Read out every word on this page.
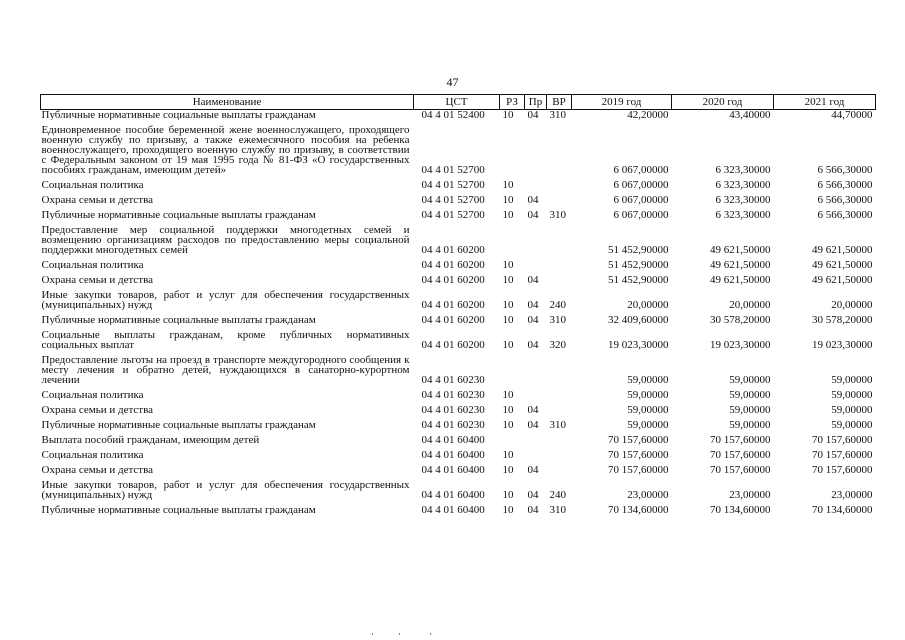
47
Наименование	ЦСТ	РЗ	Пр	ВР	2019 год	2020 год	2021 год
Публичные нормативные социальные выплаты гражданам	04 4 01 52400	10	04	310	42,20000	43,40000	44,70000
Единовременное пособие беременной жене военнослужащего, проходящего военную службу по призыву, а также ежемесячного пособия на ребенка военнослужащего, проходящего военную службу по призыву, в соответствии с Федеральным законом от 19 мая 1995 года № 81-ФЗ «О государственных пособиях гражданам, имеющим детей»	04 4 01 52700				6 067,00000	6 323,30000	6 566,30000
Социальная политика	04 4 01 52700	10			6 067,00000	6 323,30000	6 566,30000
Охрана семьи и детства	04 4 01 52700	10	04		6 067,00000	6 323,30000	6 566,30000
Публичные нормативные социальные выплаты гражданам	04 4 01 52700	10	04	310	6 067,00000	6 323,30000	6 566,30000
Предоставление мер социальной поддержки многодетных семей и возмещению организациям расходов по предоставлению меры социальной поддержки многодетных семей	04 4 01 60200				51 452,90000	49 621,50000	49 621,50000
Социальная политика	04 4 01 60200	10			51 452,90000	49 621,50000	49 621,50000
Охрана семьи и детства	04 4 01 60200	10	04		51 452,90000	49 621,50000	49 621,50000
Иные закупки товаров, работ и услуг для обеспечения государственных (муниципальных) нужд	04 4 01 60200	10	04	240	20,00000	20,00000	20,00000
Публичные нормативные социальные выплаты гражданам	04 4 01 60200	10	04	310	32 409,60000	30 578,20000	30 578,20000
Социальные выплаты гражданам, кроме публичных нормативных социальных выплат	04 4 01 60200	10	04	320	19 023,30000	19 023,30000	19 023,30000
Предоставление льготы на проезд в транспорте междугородного сообщения к месту лечения и обратно детей, нуждающихся в санаторно-курортном лечении	04 4 01 60230				59,00000	59,00000	59,00000
Социальная политика	04 4 01 60230	10			59,00000	59,00000	59,00000
Охрана семьи и детства	04 4 01 60230	10	04		59,00000	59,00000	59,00000
Публичные нормативные социальные выплаты гражданам	04 4 01 60230	10	04	310	59,00000	59,00000	59,00000
Выплата пособий гражданам, имеющим детей	04 4 01 60400				70 157,60000	70 157,60000	70 157,60000
Социальная политика	04 4 01 60400	10			70 157,60000	70 157,60000	70 157,60000
Охрана семьи и детства	04 4 01 60400	10	04		70 157,60000	70 157,60000	70 157,60000
Иные закупки товаров, работ и услуг для обеспечения государственных (муниципальных) нужд	04 4 01 60400	10	04	240	23,00000	23,00000	23,00000
Публичные нормативные социальные выплаты гражданам	04 4 01 60400	10	04	310	70 134,60000	70 134,60000	70 134,60000
